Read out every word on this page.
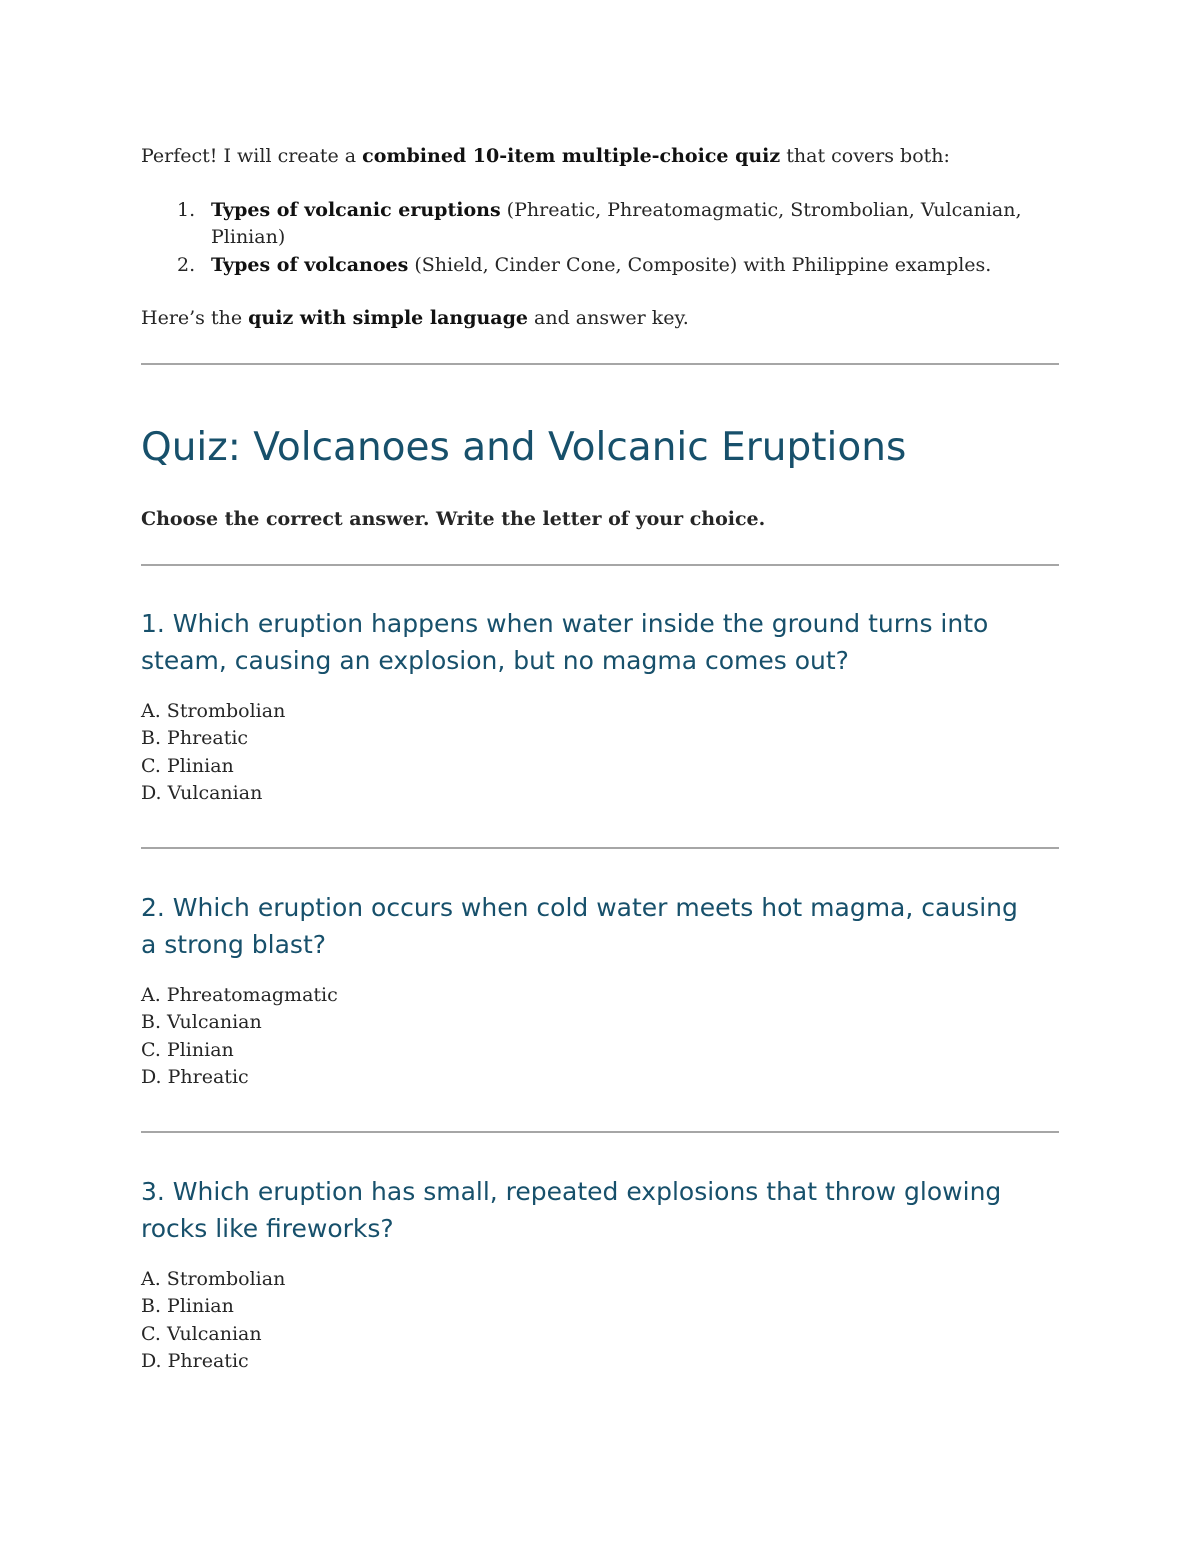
Perfect! I will create a combined 10-item multiple-choice quiz that covers both:

1. Types of volcanic eruptions (Phreatic, Phreatomagmatic, Strombolian, Vulcanian, Plinian)
2. Types of volcanoes (Shield, Cinder Cone, Composite) with Philippine examples.

Here’s the quiz with simple language and answer key.

Quiz: Volcanoes and Volcanic Eruptions

Choose the correct answer. Write the letter of your choice.

1. Which eruption happens when water inside the ground turns into steam, causing an explosion, but no magma comes out?
A. Strombolian
B. Phreatic
C. Plinian
D. Vulcanian
2. Which eruption occurs when cold water meets hot magma, causing a strong blast?
A. Phreatomagmatic
B. Vulcanian
C. Plinian
D. Phreatic
3. Which eruption has small, repeated explosions that throw glowing rocks like fireworks?
A. Strombolian
B. Plinian
C. Vulcanian
D. Phreatic
